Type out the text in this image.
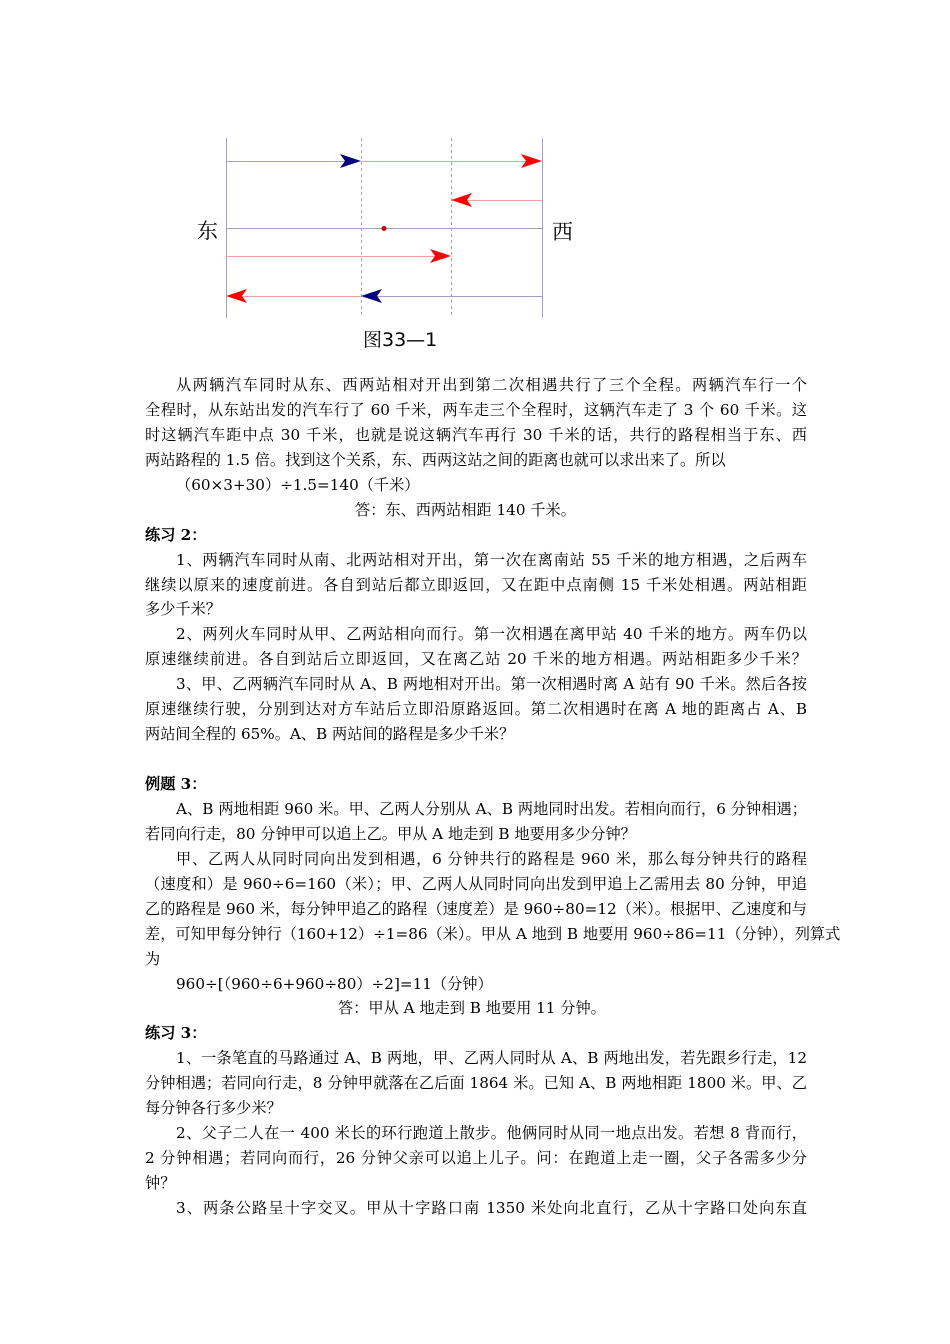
东	西
图33—1
从两辆汽车同时从东、西两站相对开出到第二次相遇共行了三个全程。两辆汽车行一个
全程时，从东站出发的汽车行了 60 千米，两车走三个全程时，这辆汽车走了 3 个 60 千米。这
时这辆汽车距中点 30 千米，也就是说这辆汽车再行 30 千米的话，共行的路程相当于东、西
两站路程的 1.5 倍。找到这个关系，东、西两这站之间的距离也就可以求出来了。所以
（60×3+30）÷1.5=140（千米）
答：东、西两站相距 140 千米。
练习 2：
1、两辆汽车同时从南、北两站相对开出，第一次在离南站 55 千米的地方相遇，之后两车
继续以原来的速度前进。各自到站后都立即返回，又在距中点南侧 15 千米处相遇。两站相距
多少千米？
2、两列火车同时从甲、乙两站相向而行。第一次相遇在离甲站 40 千米的地方。两车仍以
原速继续前进。各自到站后立即返回，又在离乙站 20 千米的地方相遇。两站相距多少千米？
3、甲、乙两辆汽车同时从 A、B 两地相对开出。第一次相遇时离 A 站有 90 千米。然后各按
原速继续行驶，分别到达对方车站后立即沿原路返回。第二次相遇时在离 A 地的距离占 A、B
两站间全程的 65%。A、B 两站间的路程是多少千米？
例题 3：
A、B 两地相距 960 米。甲、乙两人分别从 A、B 两地同时出发。若相向而行，6 分钟相遇；
若同向行走，80 分钟甲可以追上乙。甲从 A 地走到 B 地要用多少分钟？
甲、乙两人从同时同向出发到相遇，6 分钟共行的路程是 960 米，那么每分钟共行的路程
（速度和）是 960÷6=160（米）；甲、乙两人从同时同向出发到甲追上乙需用去 80 分钟，甲追
乙的路程是 960 米，每分钟甲追乙的路程（速度差）是 960÷80=12（米）。根据甲、乙速度和与
差，可知甲每分钟行（160+12）÷1=86（米）。甲从 A 地到 B 地要用 960÷86=11（分钟），列算式
为
960÷[（960÷6+960÷80）÷2]=11（分钟）
答：甲从 A 地走到 B 地要用 11 分钟。
练习 3：
1、一条笔直的马路通过 A、B 两地，甲、乙两人同时从 A、B 两地出发，若先跟乡行走，12
分钟相遇；若同向行走，8 分钟甲就落在乙后面 1864 米。已知 A、B 两地相距 1800 米。甲、乙
每分钟各行多少米？
2、父子二人在一 400 米长的环行跑道上散步。他俩同时从同一地点出发。若想 8 背而行，
2 分钟相遇；若同向而行，26 分钟父亲可以追上儿子。问：在跑道上走一圈，父子各需多少分
钟？
3、两条公路呈十字交叉。甲从十字路口南 1350 米处向北直行，乙从十字路口处向东直
